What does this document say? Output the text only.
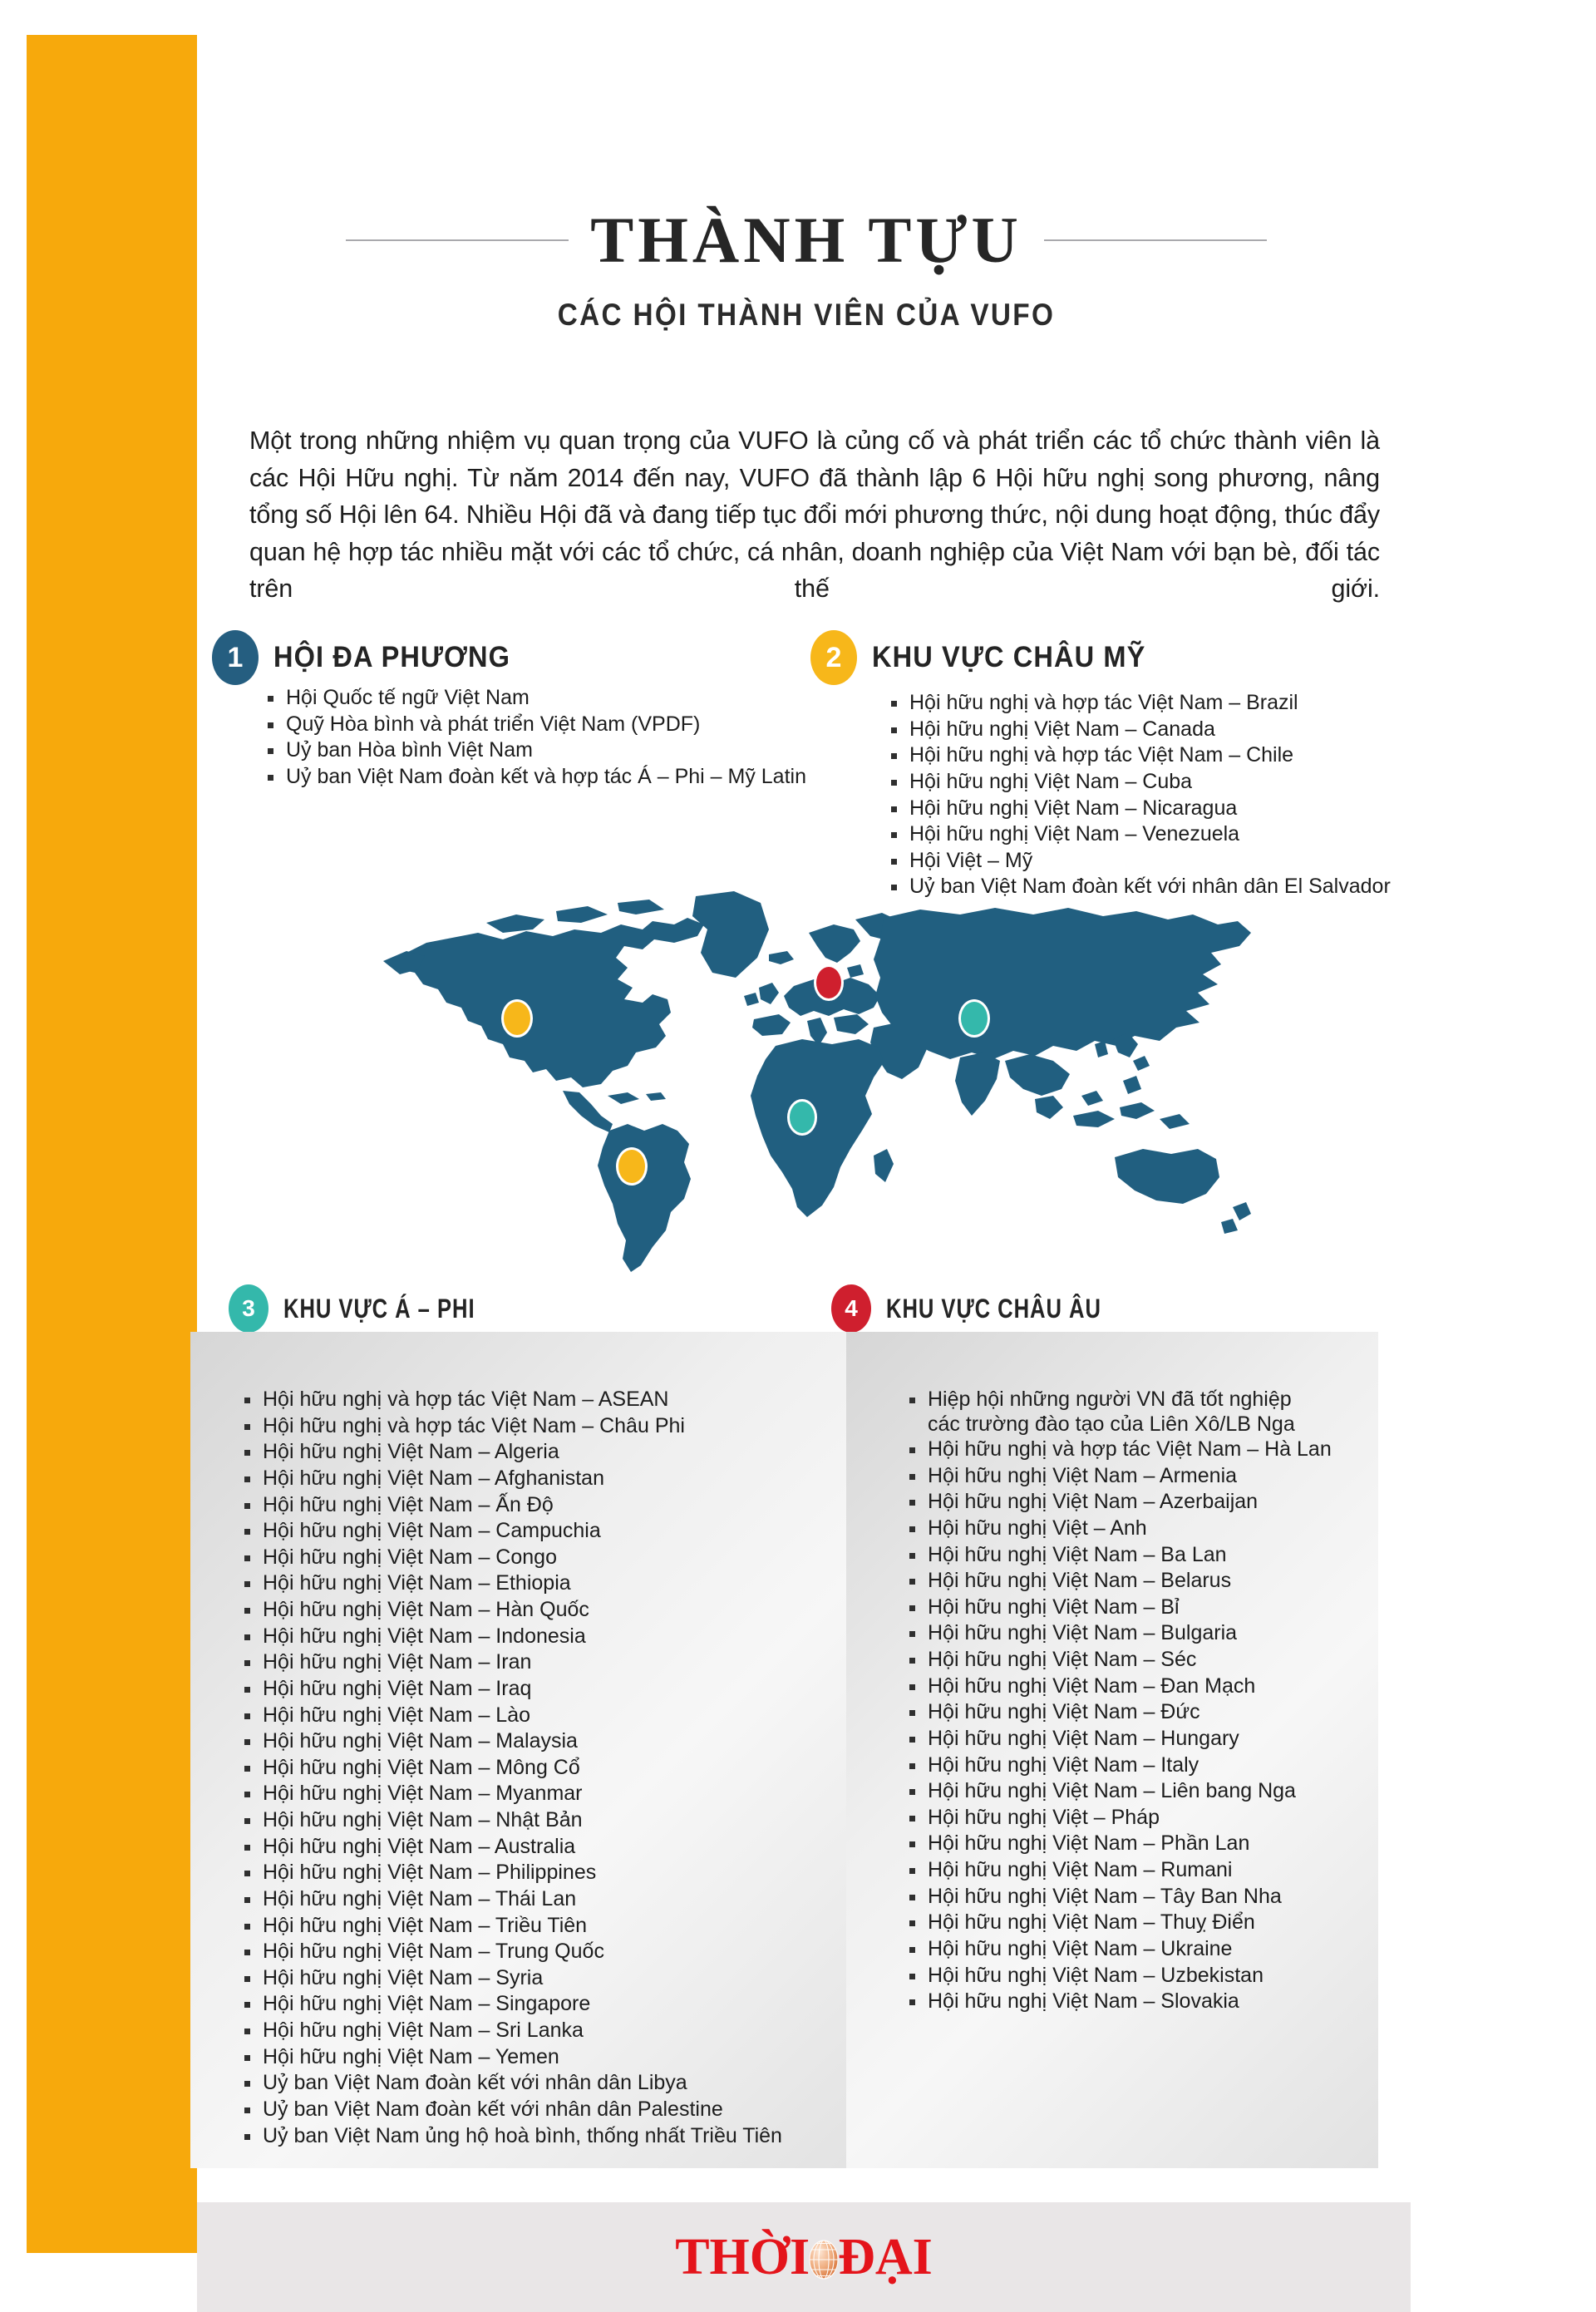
THÀNH TỰU
CÁC HỘI THÀNH VIÊN CỦA VUFO
Một trong những nhiệm vụ quan trọng của VUFO là củng cố và phát triển các tổ chức thành viên là các Hội Hữu nghị. Từ năm 2014 đến nay, VUFO đã thành lập 6 Hội hữu nghị song phương, nâng tổng số Hội lên 64. Nhiều Hội đã và đang tiếp tục đổi mới phương thức, nội dung hoạt động, thúc đẩy quan hệ hợp tác nhiều mặt với các tổ chức, cá nhân, doanh nghiệp của Việt Nam với bạn bè, đối tác trên thế giới.
1	HỘI ĐA PHƯƠNG
Hội Quốc tế ngữ Việt Nam
Quỹ Hòa bình và phát triển Việt Nam (VPDF)
Uỷ ban Hòa bình Việt Nam
Uỷ ban Việt Nam đoàn kết và hợp tác Á – Phi – Mỹ Latin
2	KHU VỰC CHÂU MỸ
Hội hữu nghị và hợp tác Việt Nam – Brazil
Hội hữu nghị Việt Nam – Canada
Hội hữu nghị và hợp tác Việt Nam – Chile
Hội hữu nghị Việt Nam – Cuba
Hội hữu nghị Việt Nam – Nicaragua
Hội hữu nghị Việt Nam – Venezuela
Hội Việt – Mỹ
Uỷ ban Việt Nam đoàn kết với nhân dân El Salvador
3	KHU VỰC Á – PHI	4	KHU VỰC CHÂU ÂU
Hội hữu nghị và hợp tác Việt Nam – ASEAN
Hội hữu nghị và hợp tác Việt Nam – Châu Phi
Hội hữu nghị Việt Nam – Algeria
Hội hữu nghị Việt Nam – Afghanistan
Hội hữu nghị Việt Nam – Ấn Độ
Hội hữu nghị Việt Nam – Campuchia
Hội hữu nghị Việt Nam – Congo
Hội hữu nghị Việt Nam – Ethiopia
Hội hữu nghị Việt Nam – Hàn Quốc
Hội hữu nghị Việt Nam – Indonesia
Hội hữu nghị Việt Nam – Iran
Hội hữu nghị Việt Nam – Iraq
Hội hữu nghị Việt Nam – Lào
Hội hữu nghị Việt Nam – Malaysia
Hội hữu nghị Việt Nam – Mông Cổ
Hội hữu nghị Việt Nam – Myanmar
Hội hữu nghị Việt Nam – Nhật Bản
Hội hữu nghị Việt Nam – Australia
Hội hữu nghị Việt Nam – Philippines
Hội hữu nghị Việt Nam – Thái Lan
Hội hữu nghị Việt Nam – Triều Tiên
Hội hữu nghị Việt Nam – Trung Quốc
Hội hữu nghị Việt Nam – Syria
Hội hữu nghị Việt Nam – Singapore
Hội hữu nghị Việt Nam – Sri Lanka
Hội hữu nghị Việt Nam – Yemen
Uỷ ban Việt Nam đoàn kết với nhân dân Libya
Uỷ ban Việt Nam đoàn kết với nhân dân Palestine
Uỷ ban Việt Nam ủng hộ hoà bình, thống nhất Triều Tiên
Hiệp hội những người VN đã tốt nghiệp các trường đào tạo của Liên Xô/LB Nga
Hội hữu nghị và hợp tác Việt Nam – Hà Lan
Hội hữu nghị Việt Nam – Armenia
Hội hữu nghị Việt Nam – Azerbaijan
Hội hữu nghị Việt – Anh
Hội hữu nghị Việt Nam – Ba Lan
Hội hữu nghị Việt Nam – Belarus
Hội hữu nghị Việt Nam – Bỉ
Hội hữu nghị Việt Nam – Bulgaria
Hội hữu nghị Việt Nam – Séc
Hội hữu nghị Việt Nam – Đan Mạch
Hội hữu nghị Việt Nam – Đức
Hội hữu nghị Việt Nam – Hungary
Hội hữu nghị Việt Nam – Italy
Hội hữu nghị Việt Nam – Liên bang Nga
Hội hữu nghị Việt – Pháp
Hội hữu nghị Việt Nam – Phần Lan
Hội hữu nghị Việt Nam – Rumani
Hội hữu nghị Việt Nam – Tây Ban Nha
Hội hữu nghị Việt Nam – Thuỵ Điển
Hội hữu nghị Việt Nam – Ukraine
Hội hữu nghị Việt Nam – Uzbekistan
Hội hữu nghị Việt Nam – Slovakia
THỜI ĐẠI
